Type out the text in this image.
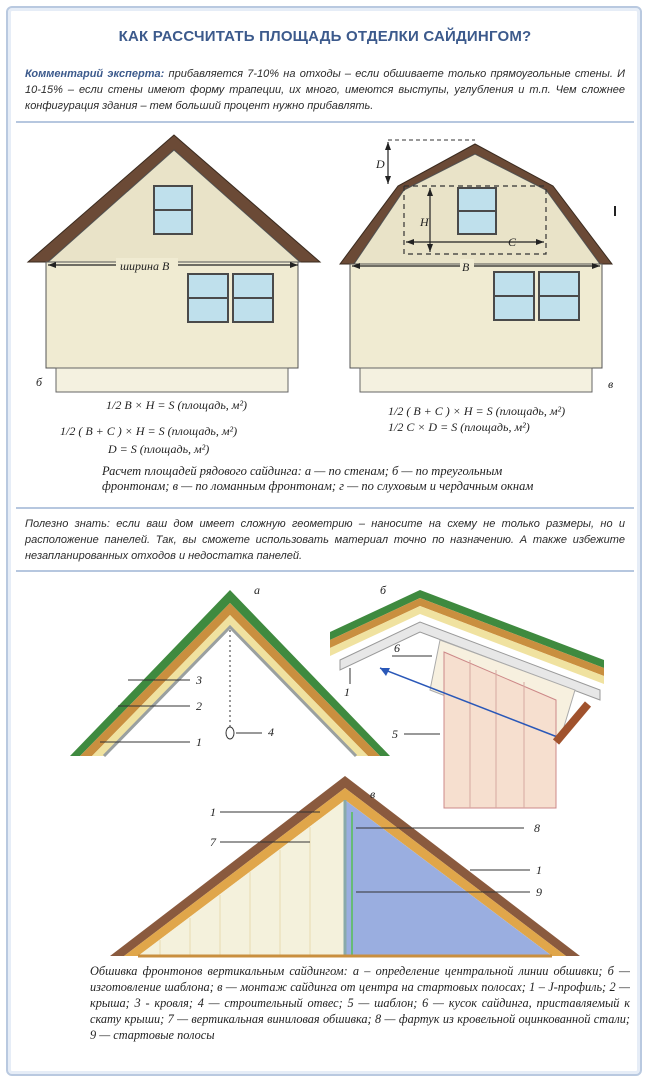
КАК РАССЧИТАТЬ ПЛОЩАДЬ ОТДЕЛКИ САЙДИНГОМ?
Комментарий эксперта: прибавляется 7-10% на отходы – если обшиваете только прямоугольные стены. И 10-15% – если стены имеют форму трапеции, их много, имеются выступы, углубления и т.п. Чем сложнее конфигурация здания – тем больший процент нужно прибавлять.
ширина B
б
H
C
D
B
в
1/2 B × H = S (площадь, м²)
1/2 ( B + C ) × H = S (площадь, м²)
D = S (площадь, м²)
1/2 ( B + C ) × H = S (площадь, м²)
1/2 C × D = S (площадь, м²)
Расчет площадей рядового сайдинга: а — по стенам; б — по треугольным фронтонам; в — по ломанным фронтонам; г — по слуховым и чердачным окнам
Полезно знать: если ваш дом имеет сложную геометрию – наносите на схему не только размеры, но и расположение панелей. Так, вы сможете использовать материал точно по назначению. А также избежите незапланированных отходов и недостатка панелей.
3
2
1
4
а
6
1
5
б
1
7
8
1
9
в
Обшивка фронтонов вертикальным сайдингом: а – определение центральной линии обшивки; б — изготовление шаблона; в — монтаж сайдинга от центра на стартовых полосах; 1 – J-профиль; 2 — крыша; 3 - кровля; 4 — строительный отвес; 5 — шаблон; 6 — кусок сайдинга, приставляемый к скату крыши; 7 — вертикальная виниловая обшивка; 8 — фартук из кровельной оцинкованной стали; 9 — стартовые полосы
